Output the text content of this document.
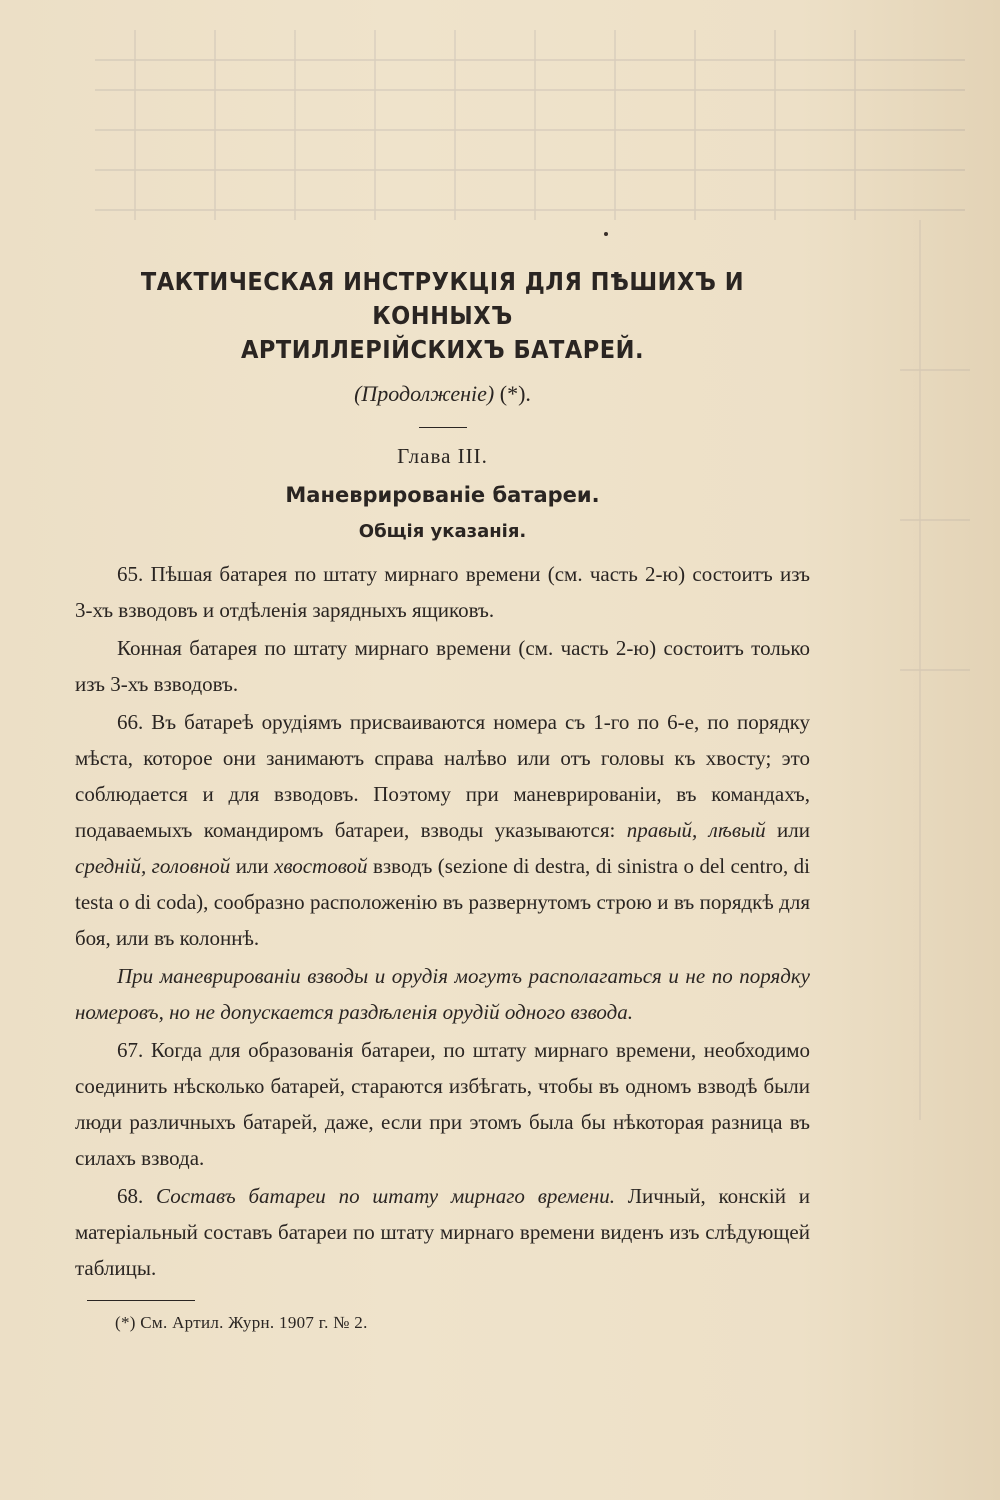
ТАКТИЧЕСКАЯ ИНСТРУКЦІЯ ДЛЯ ПѢШИХЪ И КОННЫХЪ
АРТИЛЛЕРІЙСКИХЪ БАТАРЕЙ.
(Продолженіе) (*).
Глава III.
Маневрированіе батареи.
Общія указанія.

65. Пѣшая батарея по штату мирнаго времени (см. часть 2-ю) состоитъ изъ 3-хъ взводовъ и отдѣленія зарядныхъ ящиковъ.

Конная батарея по штату мирнаго времени (см. часть 2-ю) состоитъ только изъ 3-хъ взводовъ.

66. Въ батареѣ орудіямъ присваиваются номера съ 1-го по 6-е, по порядку мѣста, которое они занимаютъ справа налѣво или отъ головы къ хвосту; это соблюдается и для взводовъ. Поэтому при маневрированіи, въ командахъ, подаваемыхъ командиромъ батареи, взводы указываются: правый, лѣвый или средній, головной или хвостовой взводъ (sezione di destra, di sinistra o del centro, di testa o di coda), сообразно расположенію въ развернутомъ строю и въ порядкѣ для боя, или въ колоннѣ.

При маневрированіи взводы и орудія могутъ располагаться и не по порядку номеровъ, но не допускается раздѣленія орудій одного взвода.

67. Когда для образованія батареи, по штату мирнаго времени, необходимо соединить нѣсколько батарей, стараются избѣгать, чтобы въ одномъ взводѣ были люди различныхъ батарей, даже, если при этомъ была бы нѣкоторая разница въ силахъ взвода.

68. Составъ батареи по штату мирнаго времени. Личный, конскій и матеріальный составъ батареи по штату мирнаго времени виденъ изъ слѣдующей таблицы.

(*) См. Артил. Журн. 1907 г. № 2.
